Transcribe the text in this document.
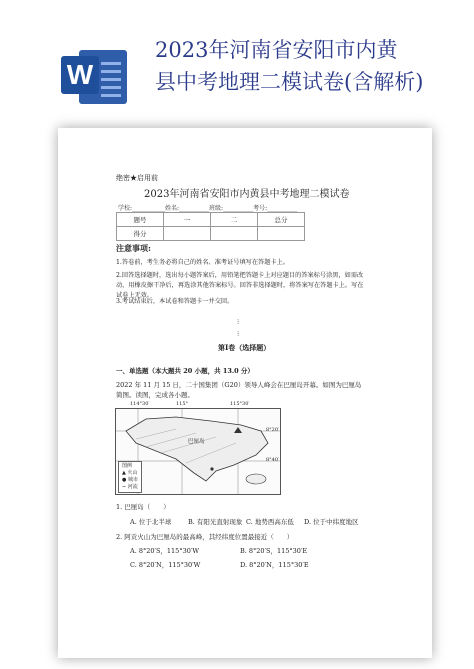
W
2023年河南省安阳市内黄
县中考地理二模试卷(含解析)
绝密★启用前
2023年河南省安阳市内黄县中考地理二模试卷
学校:___________姓名:__________班级:__________考号:__________
题号	一	二	总分
得分			
注意事项:
1.答卷前，考生务必将自己的姓名、准考证号填写在答题卡上。
2.回答选择题时，选出每小题答案后，用铅笔把答题卡上对应题目的答案标号涂黑，如需改动，用橡皮擦干净后，再选涂其他答案标号。回答非选择题时，将答案写在答题卡上。写在试卷上无效。
3.考试结束后，本试卷和答题卡一并交回。
⁝
⁝
第I卷（选择题）
一、单选题（本大题共 20 小题，共 13.0 分）
2022 年 11 月 15 日，二十国集团（G20）领导人峰会在巴厘岛开幕。如图为巴厘岛简图。读图，完成各小题。
114°30′	115°	115°30′
8°20′
8°40′
巴厘岛
图例
▲ 火山
● 城市
~ 河流
1. 巴厘岛（　　）
A. 位于北半球	B. 有阳光直射现象 C. 地势西高东低 D. 位于中纬度地区
2. 阿贡火山为巴厘岛的最高峰，其经纬度位置最接近（　　）
A. 8°20′S，115°30′W	B. 8°20′S，115°30′E
C. 8°20′N，115°30′W	D. 8°20′N，115°30′E
